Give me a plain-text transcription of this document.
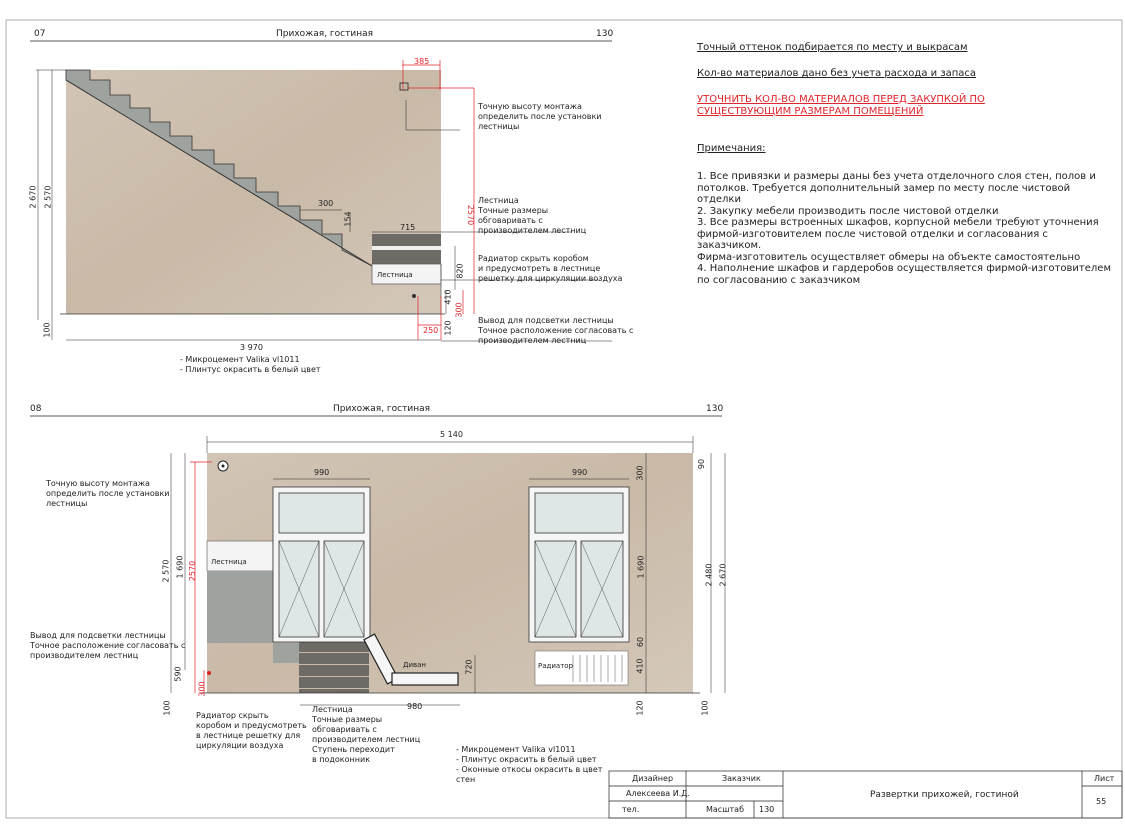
07	Прихожая, гостиная	130
385
300
154
715
820
410
300
250 120
100
3 970
2 670 2 570
2570
Точную высоту монтажа
определить после установки
лестницы
Лестница
Точные размеры
обговаривать с
производителем лестниц
Радиатор скрыть коробом
и предусмотреть в лестнице
решетку для циркуляции воздуха
Вывод для подсветки лестницы
Точное расположение согласовать с
производителем лестниц
Лестница
- Микроцемент Valika vl1011
- Плинтус окрасить в белый цвет
Точный оттенок подбирается по месту и выкрасам
Кол-во материалов дано без учета расхода и запаса
УТОЧНИТЬ КОЛ-ВО МАТЕРИАЛОВ ПЕРЕД ЗАКУПКОЙ ПО
СУЩЕСТВУЮЩИМ РАЗМЕРАМ ПОМЕЩЕНИЙ
Примечания:
1. Все привязки и размеры даны без учета отделочного слоя стен, полов и
потолков. Требуется дополнительный замер по месту после чистовой отделки
2. Закупку мебели производить после чистовой отделки
3. Все размеры встроенных шкафов, корпусной мебели требуют уточнения
фирмой-изготовителем после чистовой отделки и согласования с заказчиком.
Фирма-изготовитель осуществляет обмеры на объекте самостоятельно
4. Наполнение шкафов и гардеробов осуществляется фирмой-изготовителем
по согласованию с заказчиком
08	Прихожая, гостиная	130
5 140
990	990	300
90
1 690	1 690
60
410
720
120
100	100
590
300
2 570 2570	2 480 2 670
980
Точную высоту монтажа
определить после установки
лестницы
Вывод для подсветки лестницы
Точное расположение согласовать с
производителем лестниц
Радиатор скрыть
коробом и предусмотреть
в лестнице решетку для
циркуляции воздуха
Лестница
Точные размеры
обговаривать с
производителем лестниц
Ступень переходит
в подоконник
Лестница
Диван	Радиатор
- Микроцемент Valika vl1011
- Плинтус окрасить в белый цвет
- Оконные откосы окрасить в цвет
стен	Дизайнер	Заказчик
Алексеева И.Д.
тел.	Масштаб 130
Развертки прихожей, гостиной
Лист
55
